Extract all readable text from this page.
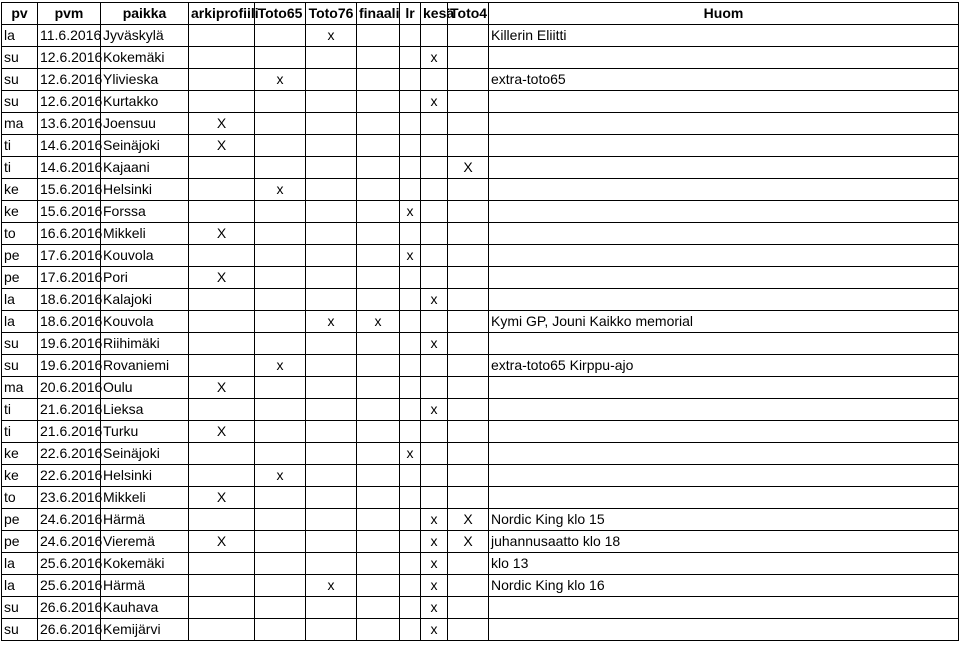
pv	pvm	paikka	arkiprofiili	Toto65	Toto76	finaali	lr	kesä	Toto4	Huom
la	11.6.2016	Jyväskylä			x					Killerin Eliitti
su	12.6.2016	Kokemäki						x		
su	12.6.2016	Ylivieska		x						extra-toto65
su	12.6.2016	Kurtakko						x		
ma	13.6.2016	Joensuu	X							
ti	14.6.2016	Seinäjoki	X							
ti	14.6.2016	Kajaani							X	
ke	15.6.2016	Helsinki		x						
ke	15.6.2016	Forssa					x			
to	16.6.2016	Mikkeli	X							
pe	17.6.2016	Kouvola					x			
pe	17.6.2016	Pori	X							
la	18.6.2016	Kalajoki						x		
la	18.6.2016	Kouvola			x	x				Kymi GP, Jouni Kaikko memorial
su	19.6.2016	Riihimäki						x		
su	19.6.2016	Rovaniemi		x						extra-toto65 Kirppu-ajo
ma	20.6.2016	Oulu	X							
ti	21.6.2016	Lieksa						x		
ti	21.6.2016	Turku	X							
ke	22.6.2016	Seinäjoki					x			
ke	22.6.2016	Helsinki		x						
to	23.6.2016	Mikkeli	X							
pe	24.6.2016	Härmä						x	X	Nordic King klo 15
pe	24.6.2016	Vieremä	X					x	X	juhannusaatto klo 18
la	25.6.2016	Kokemäki						x		klo 13
la	25.6.2016	Härmä			x			x		Nordic King klo 16
su	26.6.2016	Kauhava						x		
su	26.6.2016	Kemijärvi						x		
